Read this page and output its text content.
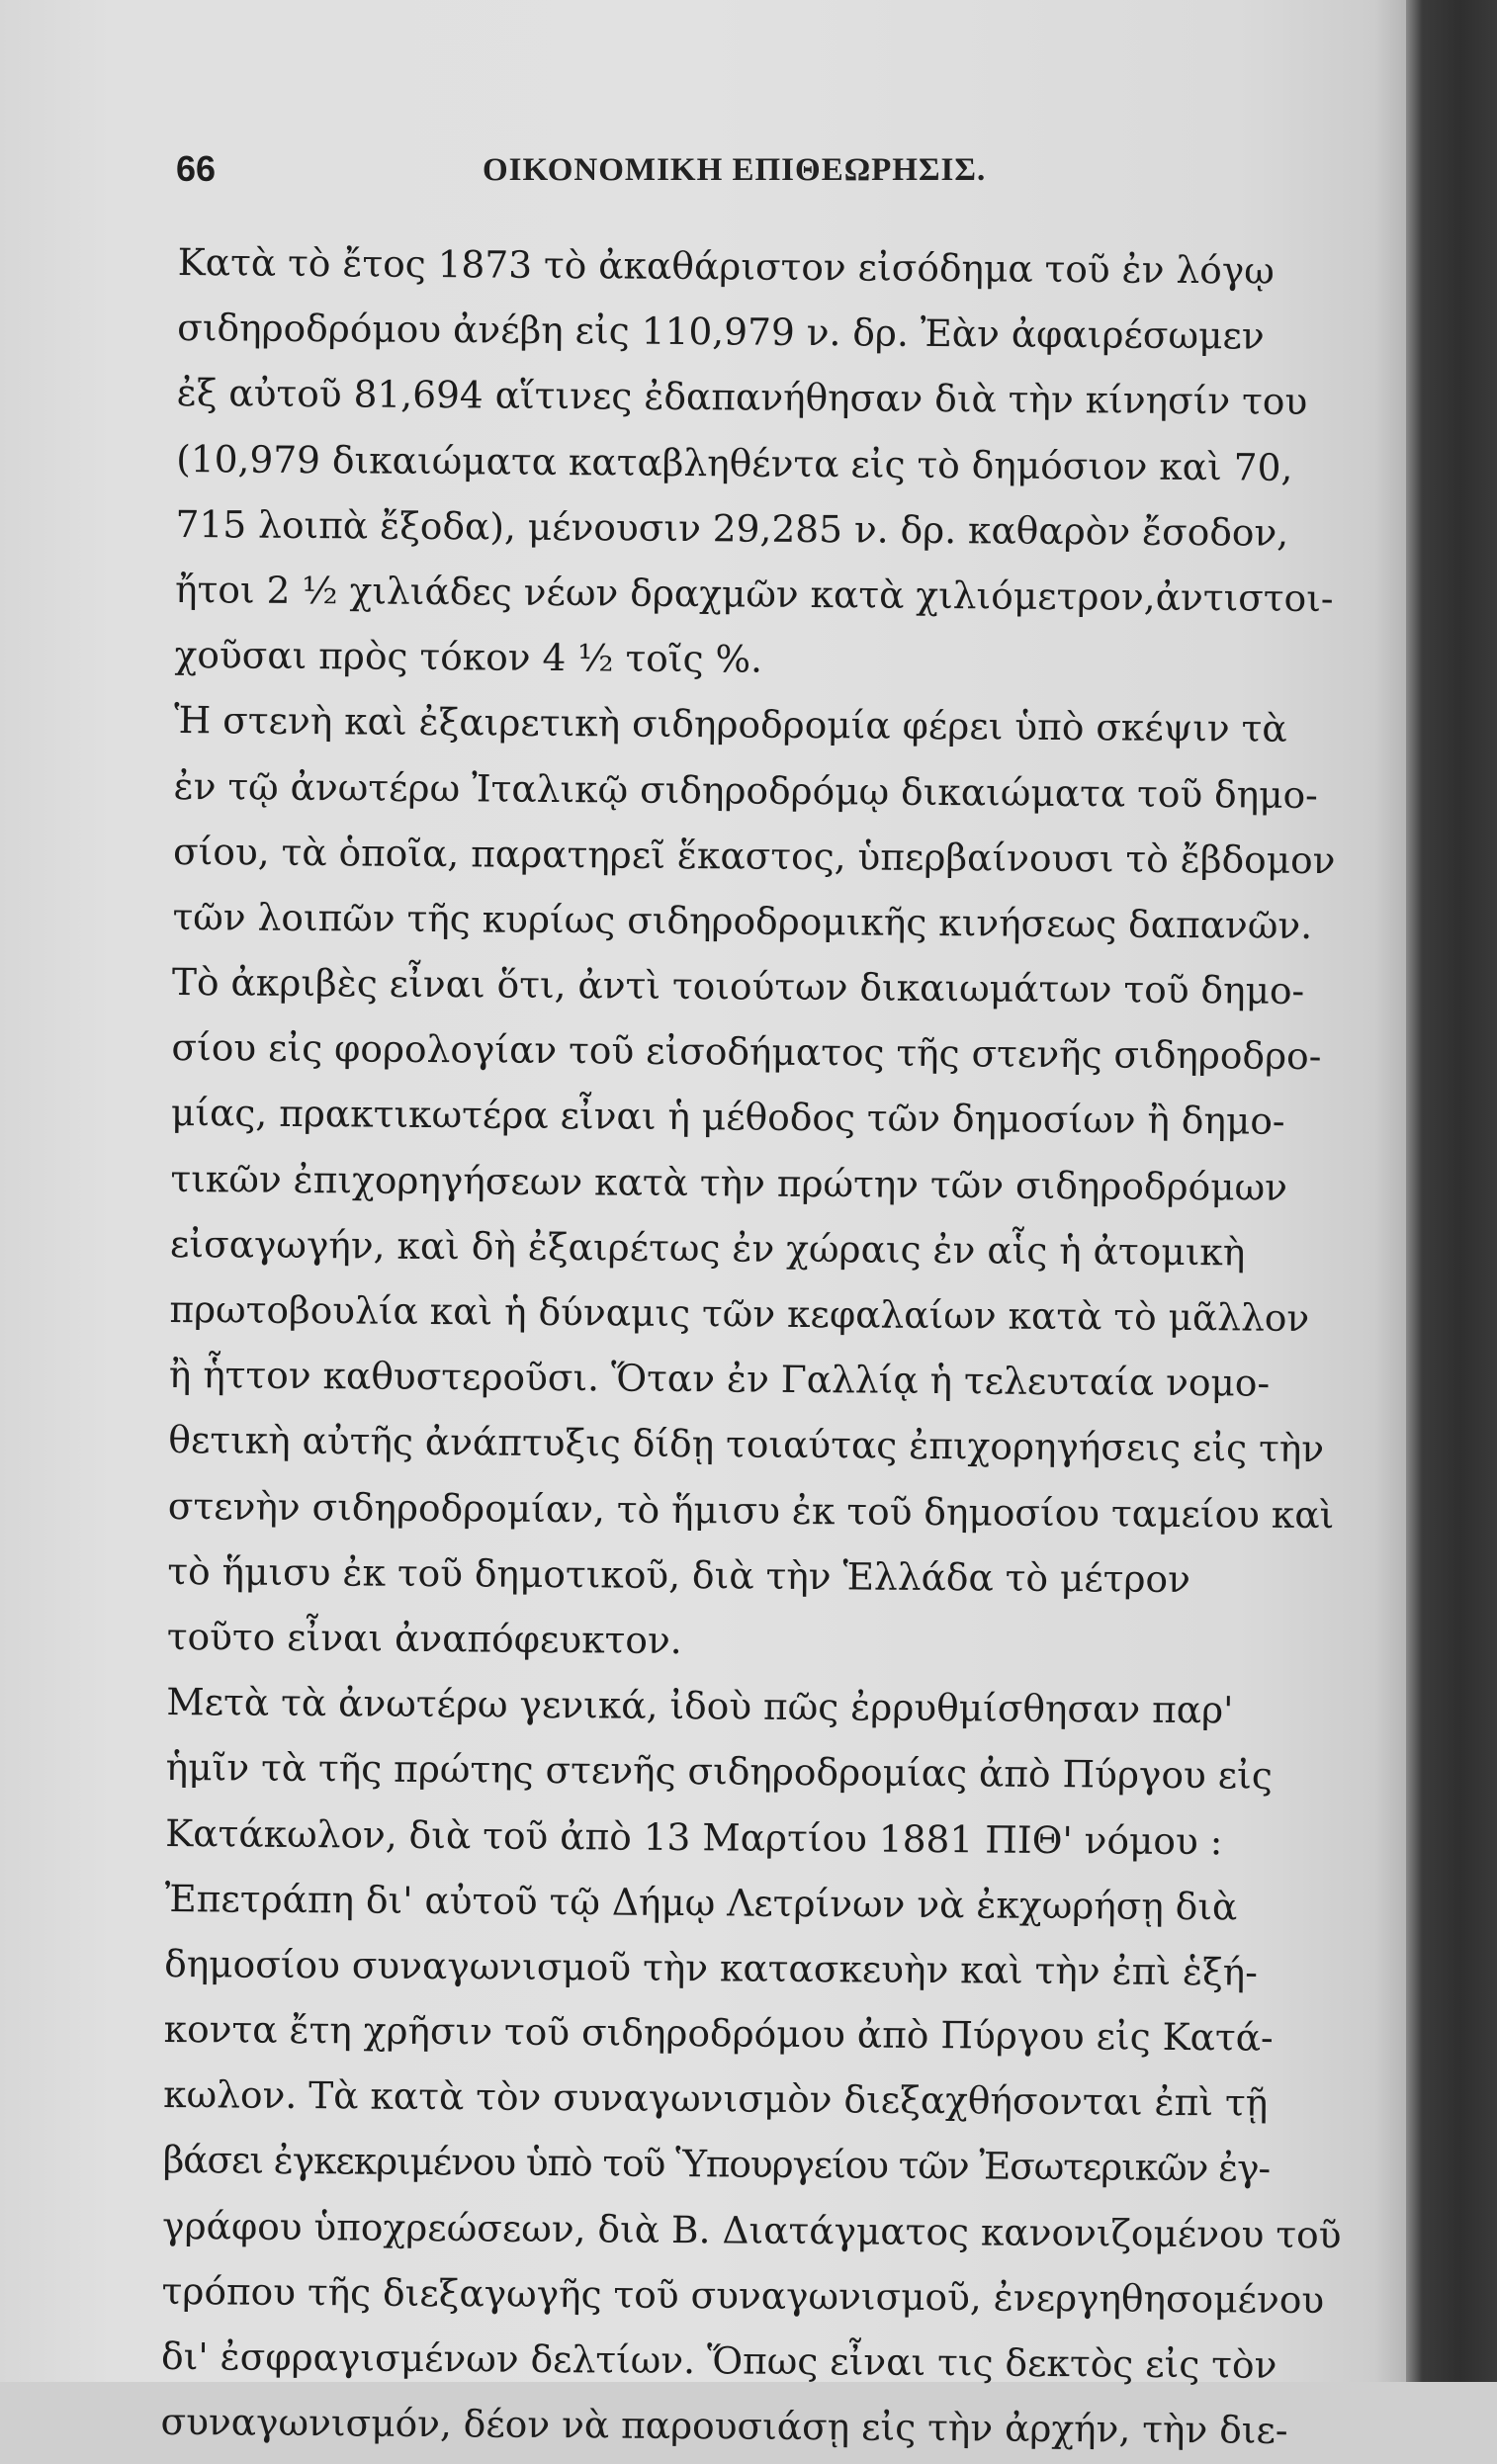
66	ΟΙΚΟΝΟΜΙΚΗ ΕΠΙΘΕΩΡΗΣΙΣ.
Κατὰ τὸ ἔτος 1873 τὸ ἀκαθάριστον εἰσόδημα τοῦ ἐν λόγῳ
σιδηροδρόμου ἀνέβη εἰς 110,979 ν. δρ. Ἐὰν ἀφαιρέσωμεν
ἐξ αὐτοῦ 81,694 αἵτινες ἐδαπανήθησαν διὰ τὴν κίνησίν του
(10,979 δικαιώματα καταβληθέντα εἰς τὸ δημόσιον καὶ 70,
715 λοιπὰ ἔξοδα), μένουσιν 29,285 ν. δρ. καθαρὸν ἔσοδον,
ἤτοι 2 ½ χιλιάδες νέων δραχμῶν κατὰ χιλιόμετρον,ἀντιστοι-
χοῦσαι πρὸς τόκον 4 ½ τοῖς %.
Ἡ στενὴ καὶ ἐξαιρετικὴ σιδηροδρομία φέρει ὑπὸ σκέψιν τὰ
ἐν τῷ ἀνωτέρω Ἰταλικῷ σιδηροδρόμῳ δικαιώματα τοῦ δημο-
σίου, τὰ ὁποῖα, παρατηρεῖ ἕκαστος, ὑπερβαίνουσι τὸ ἔβδομον
τῶν λοιπῶν τῆς κυρίως σιδηροδρομικῆς κινήσεως δαπανῶν.
Τὸ ἀκριβὲς εἶναι ὅτι, ἀντὶ τοιούτων δικαιωμάτων τοῦ δημο-
σίου εἰς φορολογίαν τοῦ εἰσοδήματος τῆς στενῆς σιδηροδρο-
μίας, πρακτικωτέρα εἶναι ἡ μέθοδος τῶν δημοσίων ἢ δημο-
τικῶν ἐπιχορηγήσεων κατὰ τὴν πρώτην τῶν σιδηροδρόμων
εἰσαγωγήν, καὶ δὴ ἐξαιρέτως ἐν χώραις ἐν αἷς ἡ ἀτομικὴ
πρωτοβουλία καὶ ἡ δύναμις τῶν κεφαλαίων κατὰ τὸ μᾶλλον
ἢ ἧττον καθυστεροῦσι. Ὅταν ἐν Γαλλίᾳ ἡ τελευταία νομο-
θετικὴ αὐτῆς ἀνάπτυξις δίδῃ τοιαύτας ἐπιχορηγήσεις εἰς τὴν
στενὴν σιδηροδρομίαν, τὸ ἥμισυ ἐκ τοῦ δημοσίου ταμείου καὶ
τὸ ἥμισυ ἐκ τοῦ δημοτικοῦ, διὰ τὴν Ἑλλάδα τὸ μέτρον
τοῦτο εἶναι ἀναπόφευκτον.
Μετὰ τὰ ἀνωτέρω γενικά, ἰδοὺ πῶς ἐρρυθμίσθησαν παρ'
ἡμῖν τὰ τῆς πρώτης στενῆς σιδηροδρομίας ἀπὸ Πύργου εἰς
Κατάκωλον, διὰ τοῦ ἀπὸ 13 Μαρτίου 1881 ΠΙΘ' νόμου :
Ἐπετράπη δι' αὐτοῦ τῷ Δήμῳ Λετρίνων νὰ ἐκχωρήσῃ διὰ
δημοσίου συναγωνισμοῦ τὴν κατασκευὴν καὶ τὴν ἐπὶ ἑξή-
κοντα ἔτη χρῆσιν τοῦ σιδηροδρόμου ἀπὸ Πύργου εἰς Κατά-
κωλον. Τὰ κατὰ τὸν συναγωνισμὸν διεξαχθήσονται ἐπὶ τῇ
βάσει ἐγκεκριμένου ὑπὸ τοῦ Ὑπουργείου τῶν Ἐσωτερικῶν ἐγ-
γράφου ὑποχρεώσεων, διὰ Β. Διατάγματος κανονιζομένου τοῦ
τρόπου τῆς διεξαγωγῆς τοῦ συναγωνισμοῦ, ἐνεργηθησομένου
δι' ἐσφραγισμένων δελτίων. Ὅπως εἶναι τις δεκτὸς εἰς τὸν
συναγωνισμόν, δέον νὰ παρουσιάσῃ εἰς τὴν ἀρχήν, τὴν διε-
